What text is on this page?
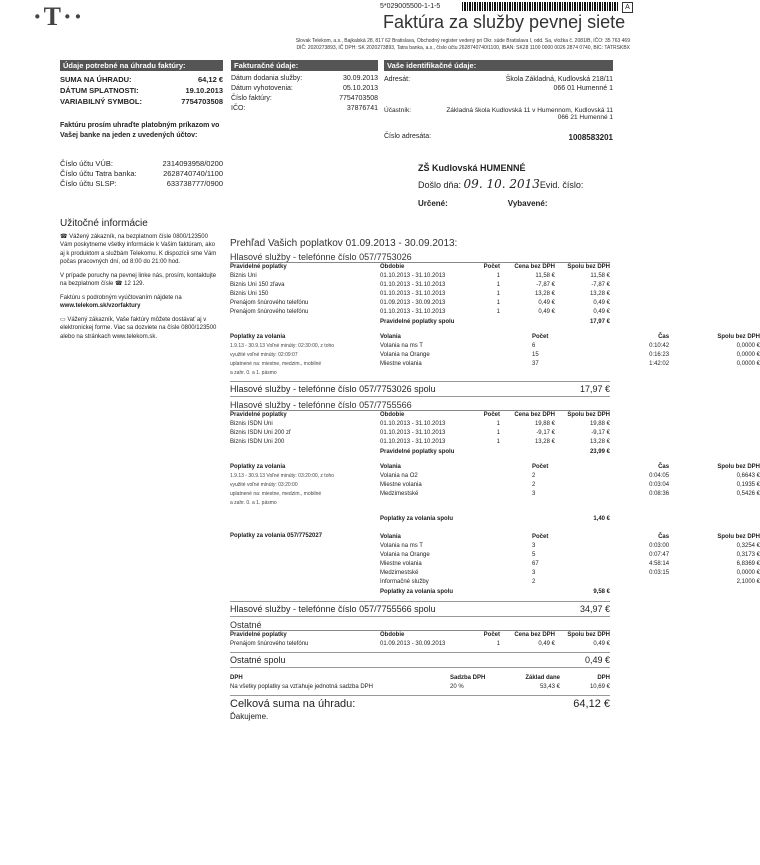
·T··	5*029005500-1-1-5	A
Faktúra za služby pevnej siete
Slovak Telekom, a.s., Bajkalská 28, 817 62 Bratislava, Obchodný register vedený pri Okr. súde Bratislava I, odd. Sa, vložka č. 2081/B, IČO: 35 763 469
DIČ: 2020273893, IČ DPH: SK 2020273893, Tatra banka, a.s., číslo účtu 2628740740/1100, IBAN: SK28 1100 0000 0026 2874 0740, BIC: TATRSKBX
Údaje potrebné na úhradu faktúry:
SUMA NA ÚHRADU:	64,12 €
DÁTUM SPLATNOSTI:	19.10.2013
VARIABILNÝ SYMBOL:	7754703508
Faktúru prosím uhraďte platobným príkazom vo Vašej banke na jeden z uvedených účtov:
Číslo účtu VÚB:	2314093958/0200
Číslo účtu Tatra banka:	2628740740/1100
Číslo účtu SLSP:	633738777/0900
Fakturačné údaje:
Dátum dodania služby:	30.09.2013
Dátum vyhotovenia:	05.10.2013
Číslo faktúry:	7754703508
IČO:	37876741
Vaše identifikačné údaje:
Adresát:	Škola Základná, Kudlovská 218/11
066 01 Humenné 1
Účastník:	Základná škola Kudlovská 11 v Humennom, Kudlovská 11
066 21 Humenné 1
Číslo adresáta:	1008583201
ZŠ Kudlovská HUMENNÉ
Došlo dňa: 09. 10. 2013Evid. číslo:
Určené:	Vybavené:
Užitočné informácie
☎ Vážený zákazník, na bezplatnom čísle 0800/123500 Vám poskytneme všetky informácie k Vašim faktúram, ako aj k produktom a službám Telekomu. K dispozícii sme Vám počas pracovných dní, od 8:00 do 21:00 hod.
V prípade poruchy na pevnej linke nás, prosím, kontaktujte na bezplatnom čísle ☎ 12 129.
Faktúru s podrobným vyúčtovaním nájdete na
www.telekom.sk/vzorfaktury
▭ Vážený zákazník, Vaše faktúry môžete dostávať aj v elektronickej forme. Viac sa dozviete na čísle 0800/123500 alebo na stránkach www.telekom.sk.
Prehľad Vašich poplatkov 01.09.2013 - 30.09.2013:
Hlasové služby - telefónne číslo 057/7753026
Pravidelné poplatky	Obdobie	Počet	Cena bez DPH	Spolu bez DPH
Biznis Uni	01.10.2013 - 31.10.2013	1	11,58 €	11,58 €
Biznis Uni 150 zľava	01.10.2013 - 31.10.2013	1	-7,87 €	-7,87 €
Biznis Uni 150	01.10.2013 - 31.10.2013	1	13,28 €	13,28 €
Prenájom šnúrového telefónu	01.09.2013 - 30.09.2013	1	0,49 €	0,49 €
Prenájom šnúrového telefónu	01.10.2013 - 31.10.2013	1	0,49 €	0,49 €
Pravidelné poplatky spolu	17,97 €
Poplatky za volania
1.9.13 - 30.9.13 Voľné minúty: 02:30:00, z toho
využité voľné minúty: 02:09:07
uplatnené na: miestne, medzim., mobilné
a zahr. 0. a 1. pásmo
Volania	Počet	Čas	Spolu bez DPH
Volania na ms T	6	0:10:42	0,0000 €
Volania na Orange	15	0:16:23	0,0000 €
Miestne volania	37	1:42:02	0,0000 €
Hlasové služby - telefónne číslo 057/7753026 spolu	17,97 €
Hlasové služby - telefónne číslo 057/7755566
Pravidelné poplatky	Obdobie	Počet	Cena bez DPH	Spolu bez DPH
Biznis ISDN Uni	01.10.2013 - 31.10.2013	1	19,88 €	19,88 €
Biznis ISDN Uni 200 zľ	01.10.2013 - 31.10.2013	1	-9,17 €	-9,17 €
Biznis ISDN Uni 200	01.10.2013 - 31.10.2013	1	13,28 €	13,28 €
Pravidelné poplatky spolu	23,99 €
Poplatky za volania
1.9.13 - 30.9.13 Voľné minúty: 03:20:00, z toho
využité voľné minúty: 03:20:00
uplatnené na: miestne, medzim., mobilné
a zahr. 0. a 1. pásmo
Volania	Počet	Čas	Spolu bez DPH
Volania na O2	2	0:04:05	0,6643 €
Miestne volania	2	0:03:04	0,1935 €
Medzimestské	3	0:08:36	0,5426 €
Poplatky za volania spolu	1,40 €
Poplatky za volania 057/7752027	Volania	Počet	Čas	Spolu bez DPH
Volania na ms T	3	0:03:00	0,3254 €
Volania na Orange	5	0:07:47	0,3173 €
Miestne volania	67	4:58:14	6,8369 €
Medzimestské	3	0:03:15	0,0000 €
Informačné služby	2		2,1000 €
Poplatky za volania spolu	9,58 €
Hlasové služby - telefónne číslo 057/7755566 spolu	34,97 €
Ostatné
Pravidelné poplatky	Obdobie	Počet	Cena bez DPH	Spolu bez DPH
Prenájom šnúrového telefónu	01.09.2013 - 30.09.2013	1	0,49 €	0,49 €
Ostatné spolu	0,49 €
DPH	Sadzba DPH	Základ dane	DPH
Na všetky poplatky sa vzťahuje jednotná sadzba DPH	20 %	53,43 €	10,69 €
Celková suma na úhradu:	64,12 €
Ďakujeme.
